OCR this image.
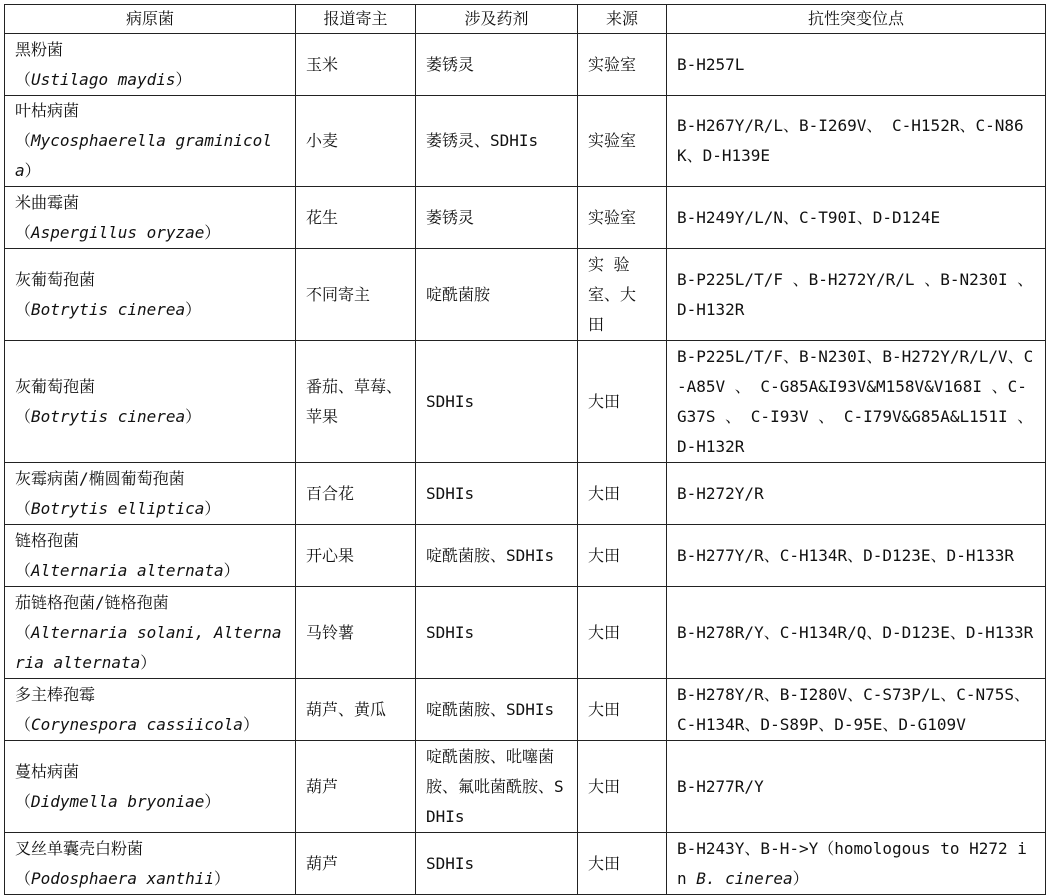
病原菌	报道寄主	涉及药剂	来源	抗性突变位点

黑粉菌
（Ustilago maydis）	玉米	萎锈灵	实验室	B-H257L

叶枯病菌
（Mycosphaerella graminicola）	小麦	萎锈灵、SDHIs	实验室	B-H267Y/R/L、B-I269V、 C-H152R、C-N86K、D-H139E

米曲霉菌
（Aspergillus oryzae）	花生	萎锈灵	实验室	B-H249Y/L/N、C-T90I、D-D124E

灰葡萄孢菌
（Botrytis cinerea）	不同寄主	啶酰菌胺	实 验 室、大 田	B-P225L/T/F 、B-H272Y/R/L 、B-N230I 、D-H132R

灰葡萄孢菌
（Botrytis cinerea）	番茄、草莓、苹果	SDHIs	大田	B-P225L/T/F、B-N230I、B-H272Y/R/L/V、C-A85V 、 C-G85A&I93V&M158V&V168I 、C-G37S 、 C-I93V 、 C-I79V&G85A&L151I 、D-H132R

灰霉病菌/椭圆葡萄孢菌
（Botrytis elliptica）	百合花	SDHIs	大田	B-H272Y/R

链格孢菌
（Alternaria alternata）	开心果	啶酰菌胺、SDHIs	大田	B-H277Y/R、C-H134R、D-D123E、D-H133R

茄链格孢菌/链格孢菌
（Alternaria solani, Alternaria alternata）	马铃薯	SDHIs	大田	B-H278R/Y、C-H134R/Q、D-D123E、D-H133R

多主棒孢霉
（Corynespora cassiicola）	葫芦、黄瓜	啶酰菌胺、SDHIs	大田	B-H278Y/R、B-I280V、C-S73P/L、C-N75S、C-H134R、D-S89P、D-95E、D-G109V

蔓枯病菌
（Didymella bryoniae）	葫芦	啶酰菌胺、吡噻菌胺、氟吡菌酰胺、SDHIs	大田	B-H277R/Y

叉丝单囊壳白粉菌
（Podosphaera xanthii）	葫芦	SDHIs	大田	B-H243Y、B-H->Y（homologous to H272 in B. cinerea）
